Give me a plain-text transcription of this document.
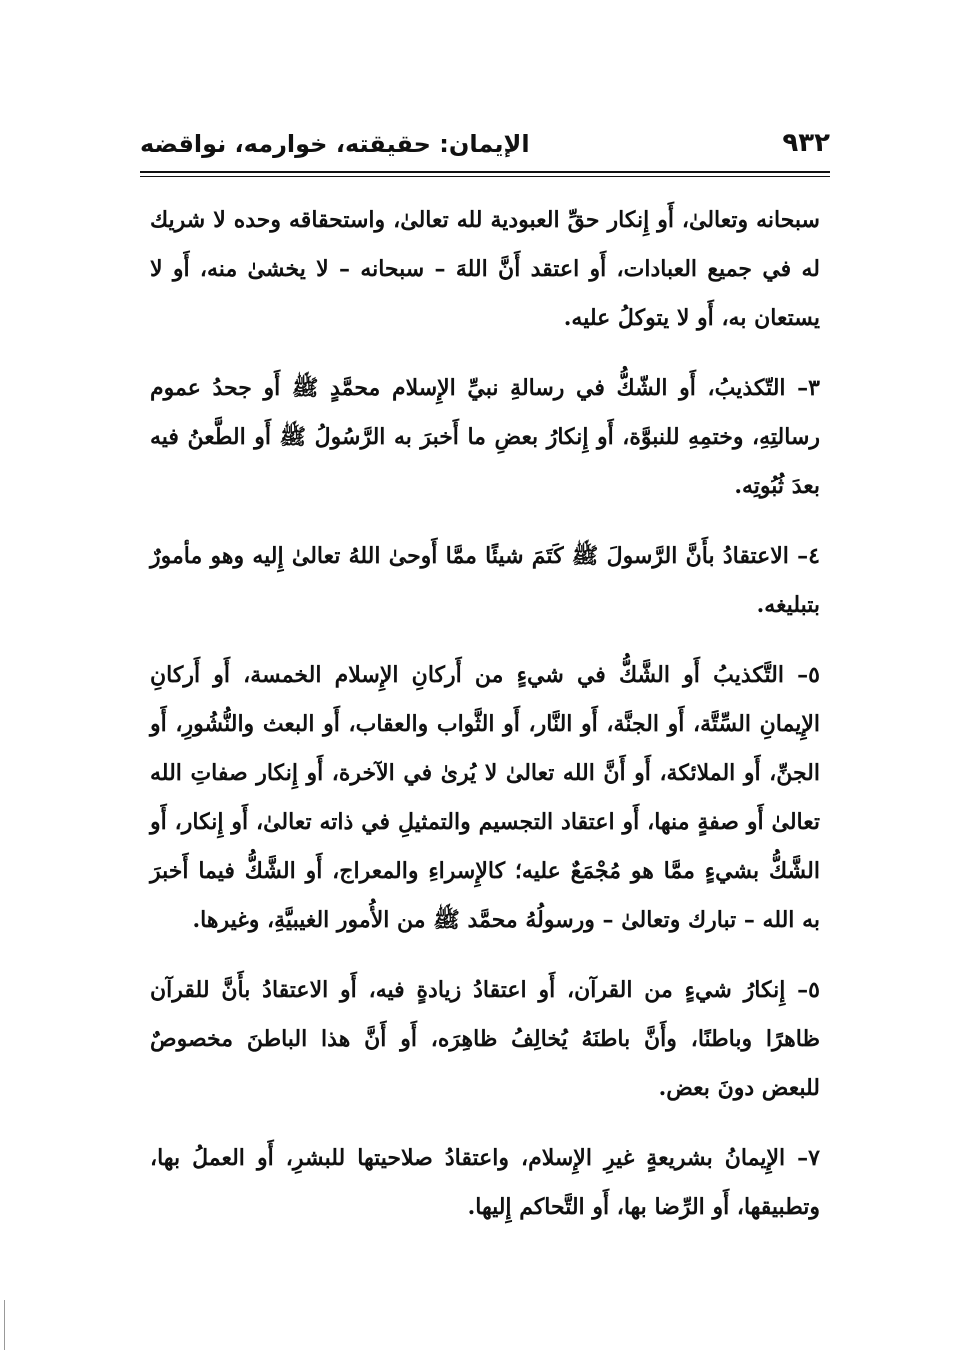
٩٣٢
الإيمان: حقيقته، خوارمه، نواقضه

سبحانه وتعالىٰ، أَو إِنكار حقِّ العبودية لله تعالىٰ، واستحقاقه وحده لا شريك له في جميع العبادات، أَو اعتقد أَنَّ اللهَ – سبحانه – لا يخشىٰ منه، أَو لا يستعان به، أَو لا يتوكلُ عليه.

٣– التّكذيبُ، أَو الشّكُّ في رسالةِ نبيِّ الإِسلام محمَّدٍ ﷺ أَو جحدُ عموم رسالتِهِ، وختمِهِ للنبوَّة، أَو إِنكارُ بعضِ ما أَخبرَ به الرَّسُولُ ﷺ أَو الطَّعنُ فيه بعدَ ثُبُوتِه.

٤– الاعتقادُ بأَنَّ الرَّسولَ ﷺ كَتَمَ شيئًا ممَّا أَوحىٰ اللهُ تعالىٰ إِليه وهو مأمورٌ بتبليغه.

٥– التَّكذيبُ أَو الشَّكُّ في شيءٍ من أَركانِ الإِسلام الخمسة، أَو أَركانِ الإِيمانِ السِّتَّة، أَو الجنَّة، أَو النَّار، أَو الثَّواب والعقاب، أَو البعث والنُّشُورِ، أَو الجنِّ، أَو الملائكة، أَو أَنَّ الله تعالىٰ لا يُرىٰ في الآخرة، أَو إِنكار صفاتِ الله تعالىٰ أَو صفةٍ منها، أَو اعتقاد التجسيم والتمثيلِ في ذاته تعالىٰ، أَو إِنكار، أَو الشَّكُّ بشيءٍ ممَّا هو مُجْمَعٌ عليه؛ كالإِسراءِ والمعراج، أَو الشَّكُّ فيما أَخبرَ به الله – تبارك وتعالىٰ – ورسولُهُ محمَّد ﷺ من الأُمور الغيبيَّةِ، وغيرها.

٥– إِنكارُ شيءٍ من القرآن، أَو اعتقادُ زيادةٍ فيه، أَو الاعتقادُ بأَنَّ للقرآن ظاهرًا وباطنًا، وأَنَّ باطنَهُ يُخالِفُ ظاهِرَه، أَو أَنَّ هذا الباطنَ مخصوصٌ للبعض دونَ بعض.

٧– الإِيمانُ بشريعةٍ غيرِ الإِسلام، واعتقادُ صلاحيتها للبشرِ، أَو العملُ بها، وتطبيقها، أَو الرِّضا بها، أَو التَّحاكم إِليها.
